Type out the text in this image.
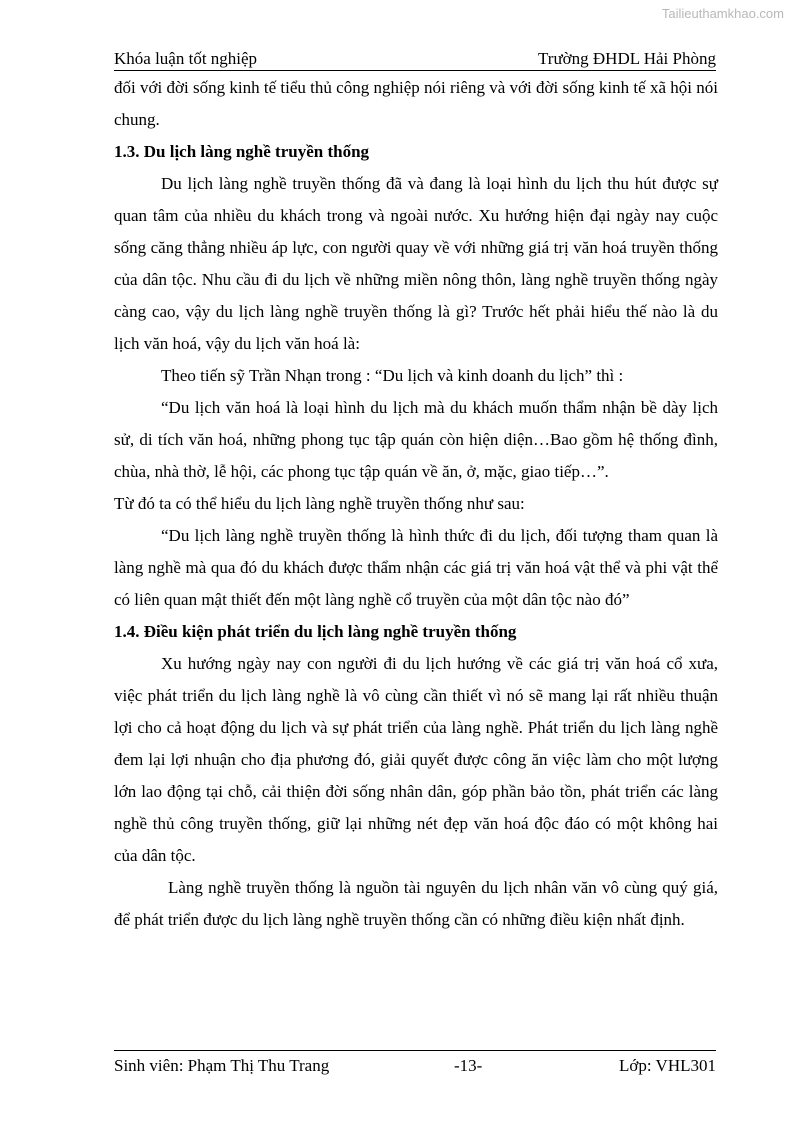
Tailieuthamkhao.com
Khóa luận tốt nghiệp	Trường ĐHDL Hải Phòng

đối với đời sống kinh tế tiểu thủ công nghiệp nói riêng và với đời sống kinh tế xã hội nói chung.

1.3. Du lịch làng nghề truyền thống

Du lịch làng nghề truyền thống đã và đang là loại hình du lịch thu hút được sự quan tâm của nhiều du khách trong và ngoài nước. Xu hướng hiện đại ngày nay cuộc sống căng thẳng nhiều áp lực, con người quay về với những giá trị văn hoá truyền thống của dân tộc. Nhu cầu đi du lịch về những miền nông thôn, làng nghề truyền thống ngày càng cao, vậy du lịch làng nghề truyền thống là gì? Trước hết phải hiểu thế nào là du lịch văn hoá, vậy du lịch văn hoá là:

Theo tiến sỹ Trần Nhạn trong : “Du lịch và kinh doanh du lịch” thì :

“Du lịch văn hoá là loại hình du lịch mà du khách muốn thẩm nhận bề dày lịch sử, di tích văn hoá, những phong tục tập quán còn hiện diện…Bao gồm hệ thống đình, chùa, nhà thờ, lễ hội, các phong tục tập quán về ăn, ở, mặc, giao tiếp…”.

Từ đó ta có thể hiểu du lịch làng nghề truyền thống như sau:

“Du lịch làng nghề truyền thống là hình thức đi du lịch, đối tượng tham quan là làng nghề mà qua đó du khách được thẩm nhận các giá trị văn hoá vật thể và phi vật thể có liên quan mật thiết đến một làng nghề cổ truyền của một dân tộc nào đó”

1.4. Điều kiện phát triển du lịch làng nghề truyền thống

Xu hướng ngày nay con người đi du lịch hướng về các giá trị văn hoá cổ xưa, việc phát triển du lịch làng nghề là vô cùng cần thiết vì nó sẽ mang lại rất nhiều thuận lợi cho cả hoạt động du lịch và sự phát triển của làng nghề. Phát triển du lịch làng nghề đem lại lợi nhuận cho địa phương đó, giải quyết được công ăn việc làm cho một lượng lớn lao động tại chỗ, cải thiện đời sống nhân dân, góp phần bảo tồn, phát triển các làng nghề thủ công truyền thống, giữ lại những nét đẹp văn hoá độc đáo có một không hai của dân tộc.

Làng nghề truyền thống là nguồn tài nguyên du lịch nhân văn vô cùng quý giá, để phát triển được du lịch làng nghề truyền thống cần có những điều kiện nhất định.

Sinh viên: Phạm Thị Thu Trang	-13-	Lớp: VHL301
